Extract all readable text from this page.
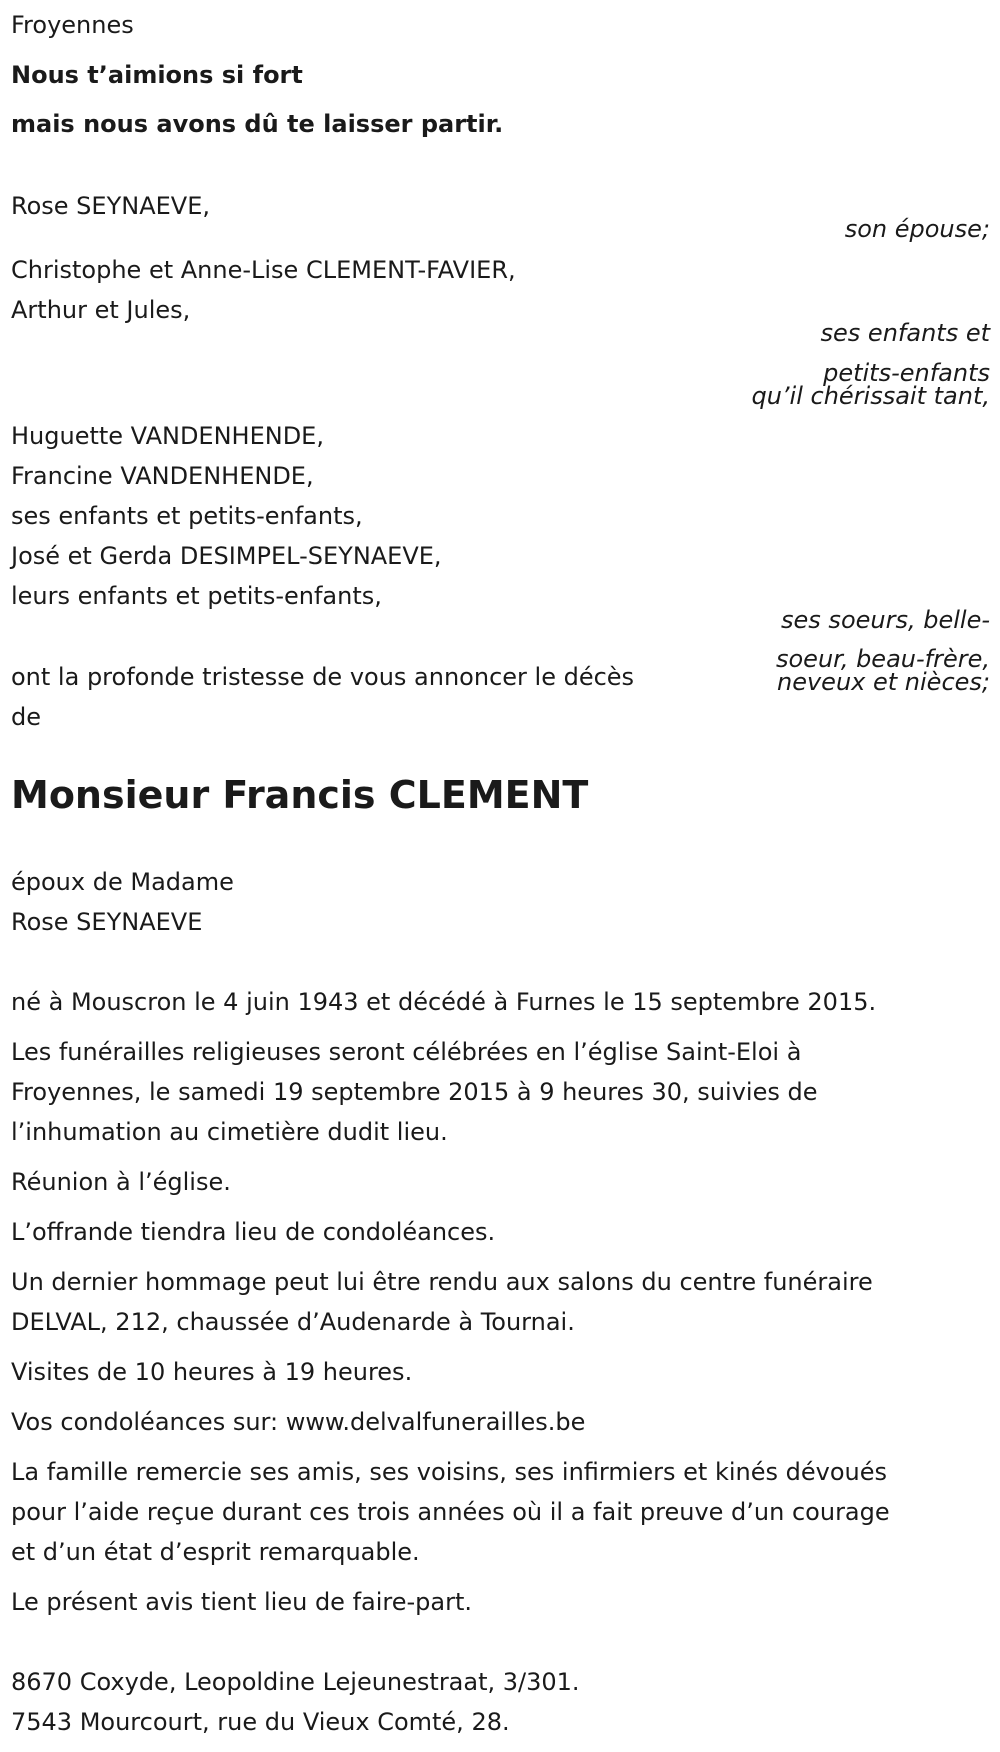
Froyennes
Nous t’aimions si fort
mais nous avons dû te laisser partir.
Rose SEYNAEVE,
son épouse;
Christophe et Anne-Lise CLEMENT-FAVIER,
Arthur et Jules,
ses enfants et
petits-enfants
qu’il chérissait tant,
Huguette VANDENHENDE,
Francine VANDENHENDE,
ses enfants et petits-enfants,
José et Gerda DESIMPEL-SEYNAEVE,
leurs enfants et petits-enfants,
ses soeurs, belle-
soeur, beau-frère,
neveux et nièces;
ont la profonde tristesse de vous annoncer le décès
de
Monsieur Francis CLEMENT
époux de Madame
Rose SEYNAEVE
né à Mouscron le 4 juin 1943 et décédé à Furnes le 15 septembre 2015.
Les funérailles religieuses seront célébrées en l’église Saint-Eloi à
Froyennes, le samedi 19 septembre 2015 à 9 heures 30, suivies de
l’inhumation au cimetière dudit lieu.
Réunion à l’église.
L’offrande tiendra lieu de condoléances.
Un dernier hommage peut lui être rendu aux salons du centre funéraire
DELVAL, 212, chaussée d’Audenarde à Tournai.
Visites de 10 heures à 19 heures.
Vos condoléances sur: www.delvalfunerailles.be
La famille remercie ses amis, ses voisins, ses infirmiers et kinés dévoués
pour l’aide reçue durant ces trois années où il a fait preuve d’un courage
et d’un état d’esprit remarquable.
Le présent avis tient lieu de faire-part.
8670 Coxyde, Leopoldine Lejeunestraat, 3/301.
7543 Mourcourt, rue du Vieux Comté, 28.
